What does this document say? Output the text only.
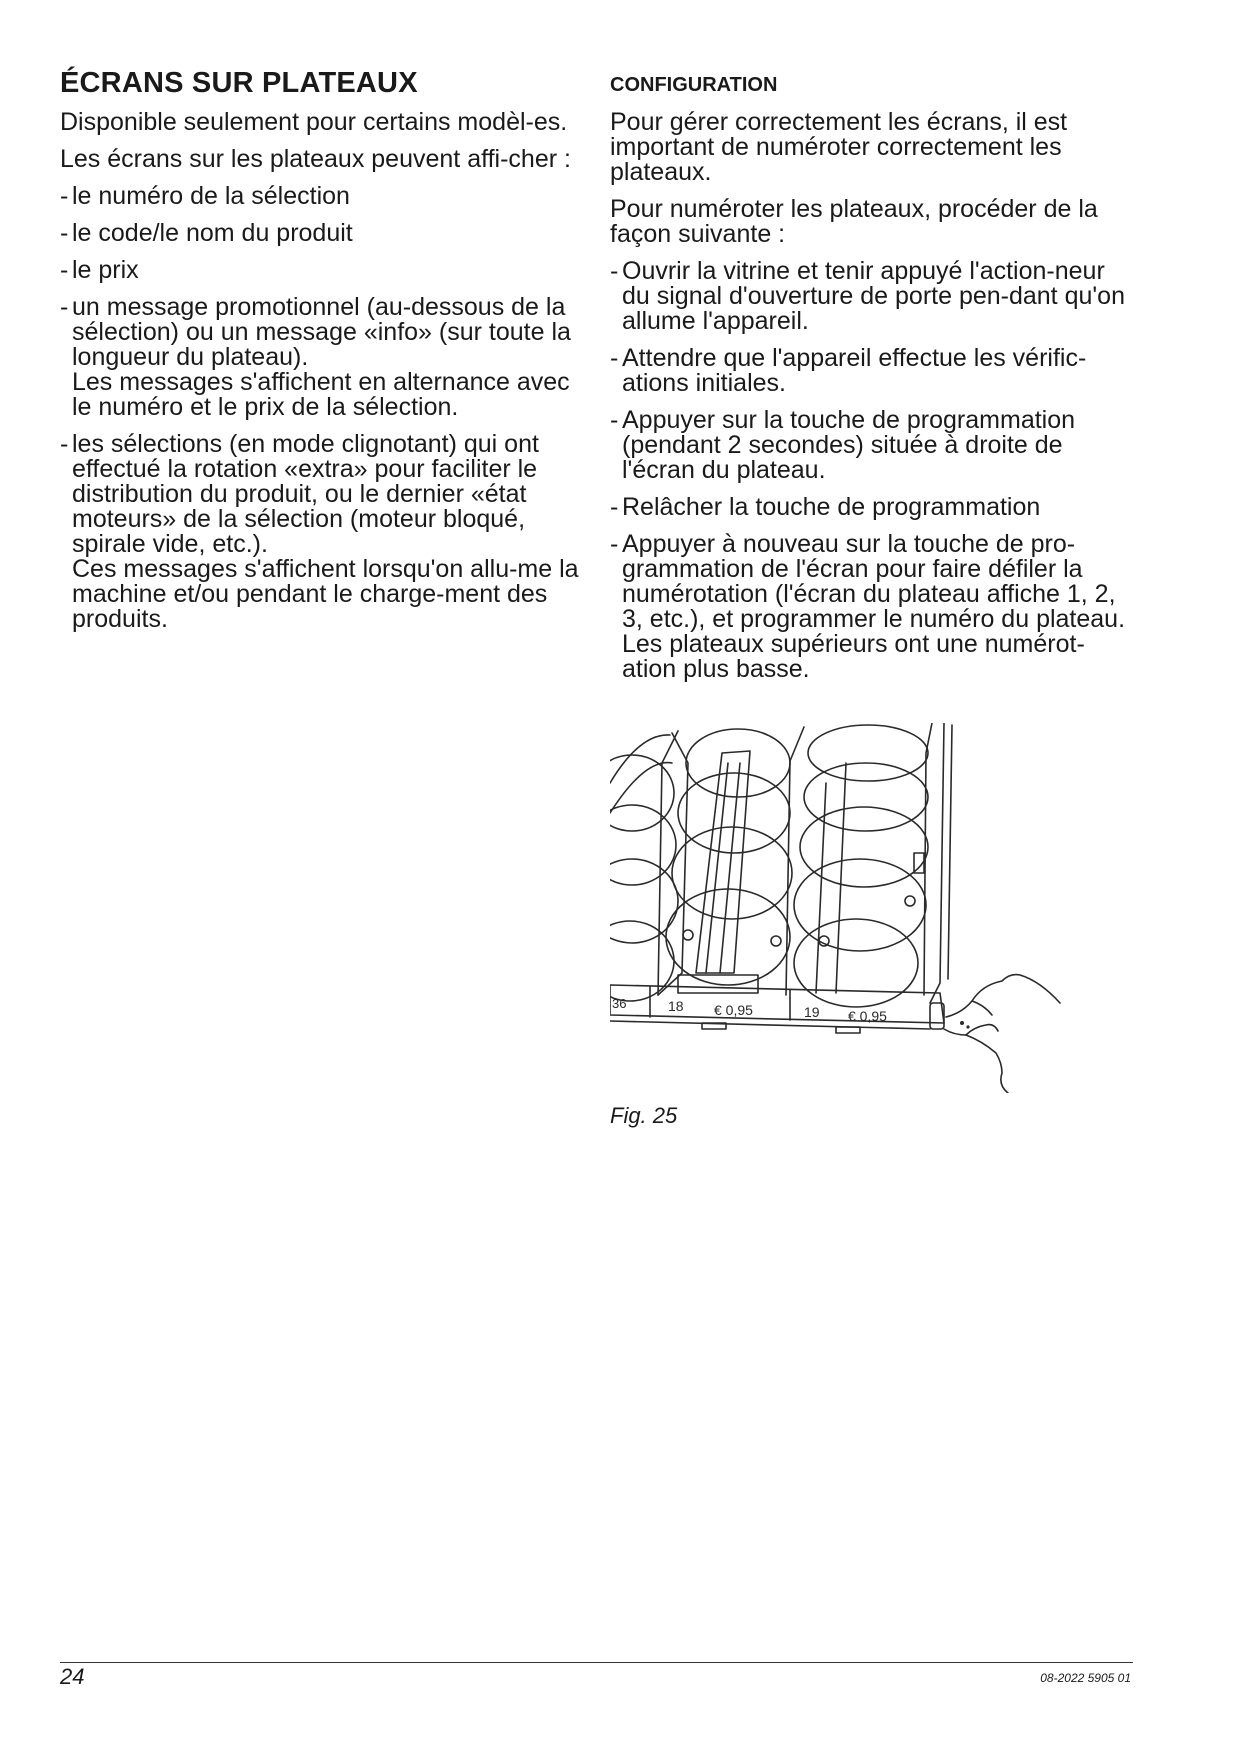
ÉCRANS SUR PLATEAUX

Disponible seulement pour certains modèl-es.

Les écrans sur les plateaux peuvent affi-cher :

- le numéro de la sélection
- le code/le nom du produit
- le prix
- un message promotionnel (au-dessous de la sélection) ou un message «info» (sur toute la longueur du plateau).
Les messages s'affichent en alternance avec le numéro et le prix de la sélection.
- les sélections (en mode clignotant) qui ont effectué la rotation «extra» pour faciliter le distribution du produit, ou le dernier «état moteurs» de la sélection (moteur bloqué, spirale vide, etc.).
Ces messages s'affichent lorsqu'on allu-me la machine et/ou pendant le charge-ment des produits.
CONFIGURATION

Pour gérer correctement les écrans, il est important de numéroter correctement les plateaux.

Pour numéroter les plateaux, procéder de la façon suivante :

- Ouvrir la vitrine et tenir appuyé l'action-neur du signal d'ouverture de porte pen-dant qu'on allume l'appareil.
- Attendre que l'appareil effectue les vérific-ations initiales.
- Appuyer sur la touche de programmation (pendant 2 secondes) située à droite de l'écran du plateau.
- Relâcher la touche de programmation
- Appuyer à nouveau sur la touche de pro-grammation de l'écran pour faire défiler la numérotation (l'écran du plateau affiche 1, 2, 3, etc.), et programmer le numéro du plateau.
Les plateaux supérieurs ont une numérot-ation plus basse.
36	18 € 0,95	19 € 0,95
Fig. 25
24	08-2022 5905 01
